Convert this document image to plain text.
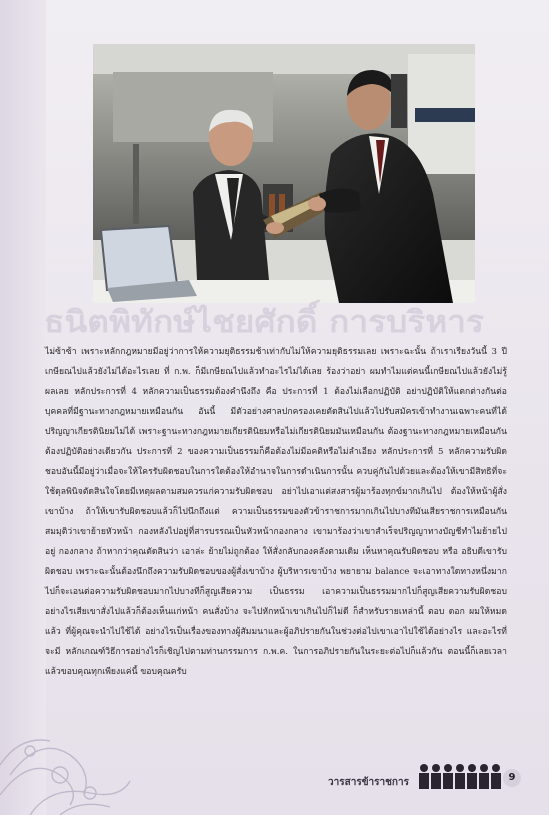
ธนิตพิทักษ์ไชยศักดิ์ การบริหาร
ไม่ซ้าซ้า เพราะหลักกฎหมายมีอยู่ว่าการให้ความยุติธรรมช้าเท่ากับไม่ให้ความยุติธรรมเลย เพราะฉะนั้น ถ้าเราเรียงวันนี้ 3 ปีเกษียณไปแล้วยังไม่ได้อะไรเลย ที่ ก.พ. ก็มีเกษียณไปแล้วทำอะไรไม่ได้เลย ร้องว่าอย่า ผมทำไมแต่คนนี้เกษียณไปแล้วยังไม่รู้ผลเลย หลักประการที่ 4 หลักความเป็นธรรมต้องคำนึงถึง คือ ประการที่ 1 ต้องไม่เลือกปฏิบัติ อย่าปฏิบัติให้แตกต่างกันต่อบุคคลที่มีฐานะทางกฎหมายเหมือนกัน อันนี้ มีตัวอย่างศาลปกครองเคยตัดสินไปแล้วไปรับสมัครเข้าทำงานเฉพาะคนที่ได้ปริญญาเกียรตินิยมไม่ได้ เพราะฐานะทางกฎหมายเกียรตินิยมหรือไม่เกียรตินิยมมันเหมือนกัน ต้องฐานะทางกฎหมายเหมือนกัน ต้องปฏิบัติอย่างเดียวกัน ประการที่ 2 ของความเป็นธรรมก็คือต้องไม่มีอคติหรือไม่ลำเอียง หลักประการที่ 5 หลักความรับผิดชอบอันนี้มีอยู่ว่าเมื่อจะให้ใครรับผิดชอบในการใดต้องให้อำนาจในการดำเนินการนั้น ควบคู่กันไปด้วยและต้องให้เขามีสิทธิที่จะใช้ดุลพินิจตัดสินใจโดยมีเหตุผลตามสมควรแก่ความรับผิดชอบ อย่าไปเอาแต่สงสารผู้มาร้องทุกข์มากเกินไป ต้องให้หน้าผู้สั่งเขาบ้าง ถ้าให้เขารับผิดชอบแล้วก็ไปนึกถึงแต่ ความเป็นธรรมของตัวข้าราชการมากเกินไปบางทีมันเสียราชการเหมือนกัน สมมุติว่าเขาย้ายหัวหน้า กองหลังไปอยู่ที่สารบรรณเป็นหัวหน้ากองกลาง เขามาร้องว่าเขาสำเร็จปริญญาทางบัญชีทำไมย้ายไปอยู่ กองกลาง ถ้าหากว่าคุณตัดสินว่า เอาล่ะ ย้ายไม่ถูกต้อง ให้สั่งกลับกองคลังตามเดิม เห็นหาคุณรับผิดชอบ หรือ อธิบดีเขารับผิดชอบ เพราะฉะนั้นต้องนึกถึงความรับผิดชอบของผู้สั่งเขาบ้าง ผู้บริหารเขาบ้าง พยายาม balance จะเอาทางใดทางหนึ่งมากไปก็จะเอนต่อความรับผิดชอบมากไปบางทีก็สูญเสียความ เป็นธรรม เอาความเป็นธรรมมากไปก็สูญเสียความรับผิดชอบ อย่างไรเสียเขาสั่งไปแล้วก็ต้องเห็นแก่หน้า คนสั่งบ้าง จะไปหักหน้าเขาเกินไปก็ไม่ดี ก็สำหรับรายเหล่านี้ ตอบ ดอก ผมให้หมดแล้ว ที่ผู้คุณจะนำไปใช้ได้ อย่างไรเป็นเรื่องของทางผู้สัมมนาและผู้อภิปรายกันในช่วงต่อไปเขาเอาไปใช้ได้อย่างไร และอะไรที่จะมี หลักเกณฑ์วิธีการอย่างไรก็เชิญไปตามท่านกรรมการ ก.พ.ค. ในการอภิปรายกันในระยะต่อไปก็แล้วกัน ตอนนี้ก็เลยเวลาแล้วขอบคุณทุกเพียงแค่นี้ ขอบคุณครับ
วารสารข้าราชการ	9
